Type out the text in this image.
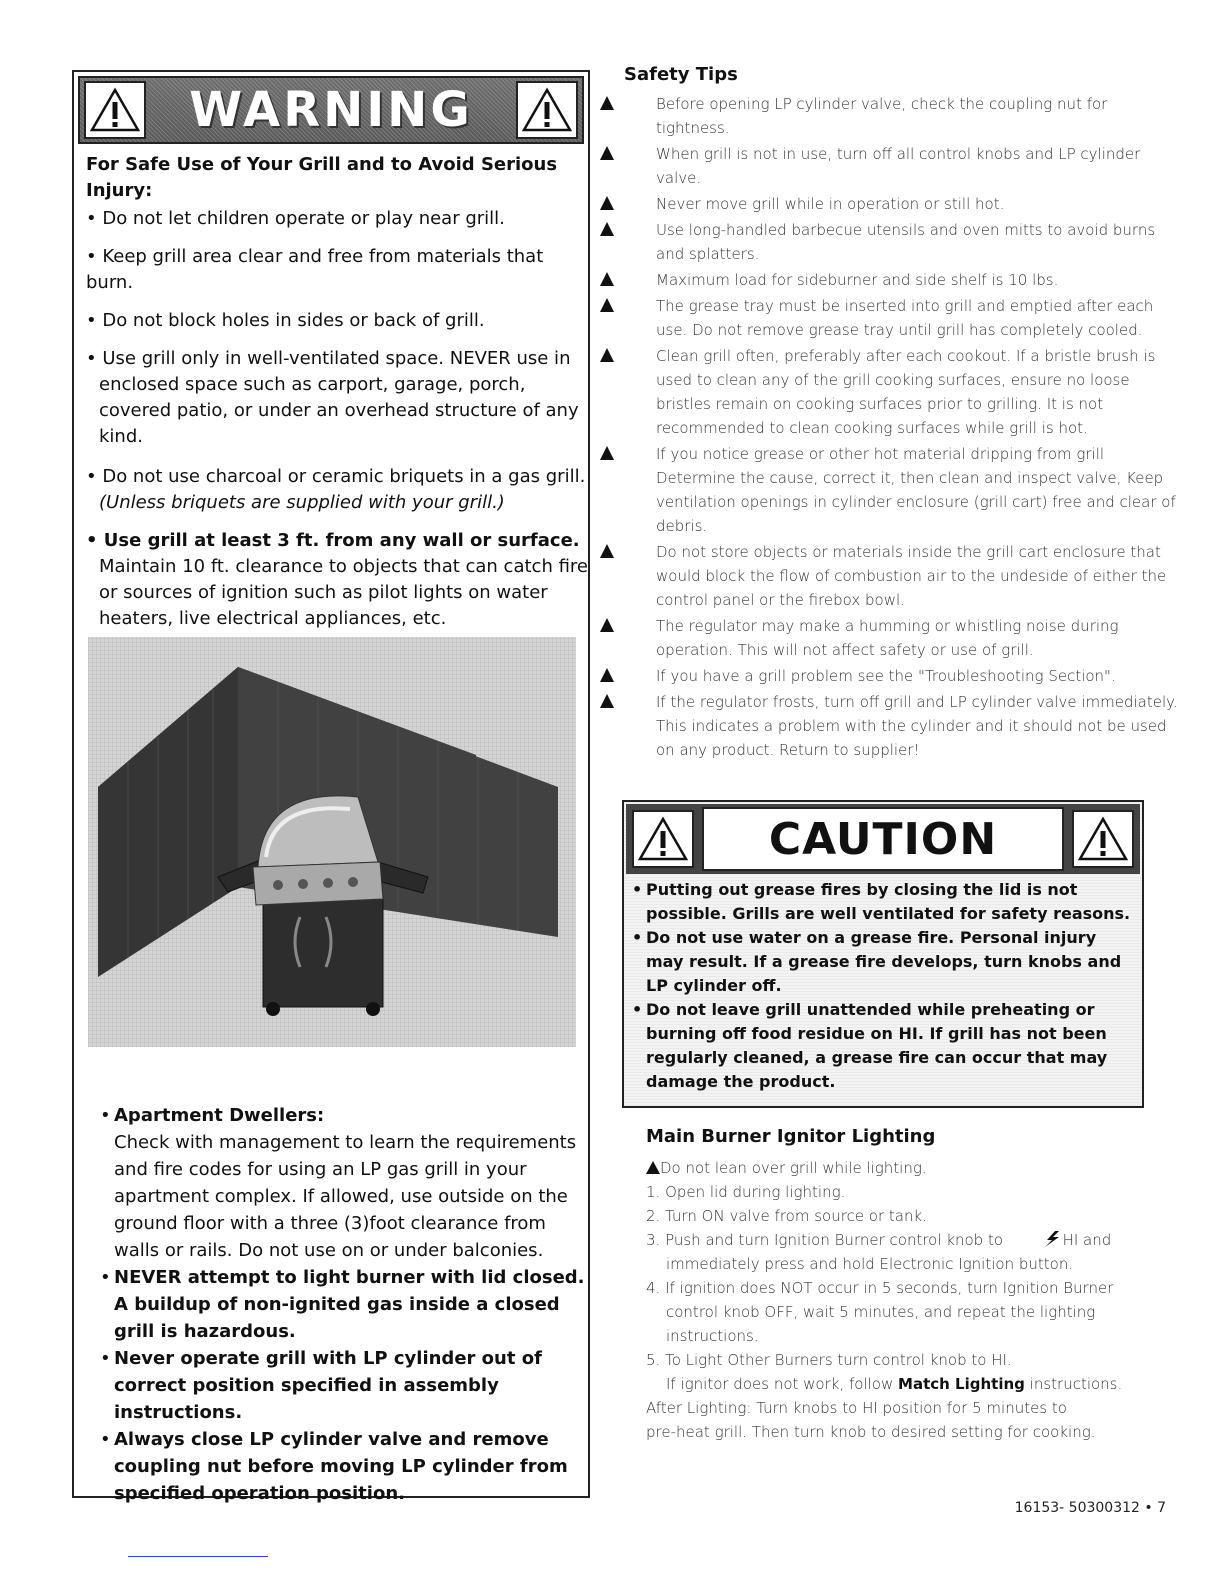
WARNING
For Safe Use of Your Grill and to Avoid Serious Injury:
• Do not let children operate or play near grill.
• Keep grill area clear and free from materials that burn.
• Do not block holes in sides or back of grill.
• Use grill only in well-ventilated space. NEVER use in enclosed space such as carport, garage, porch, covered patio, or under an overhead structure of any kind.
• Do not use charcoal or ceramic briquets in a gas grill. (Unless briquets are supplied with your grill.)
• Use grill at least 3 ft. from any wall or surface.
Maintain 10 ft. clearance to objects that can catch fire or sources of ignition such as pilot lights on water heaters, live electrical appliances, etc.
• Apartment Dwellers:
Check with management to learn the requirements and fire codes for using an LP gas grill in your apartment complex. If allowed, use outside on the ground floor with a three (3)foot clearance from walls or rails. Do not use on or under balconies.
• NEVER attempt to light burner with lid closed. A buildup of non-ignited gas inside a closed grill is hazardous.
• Never operate grill with LP cylinder out of correct position specified in assembly instructions.
• Always close LP cylinder valve and remove coupling nut before moving LP cylinder from specified operation position.
Safety Tips
Before opening LP cylinder valve, check the coupling nut for tightness.
When grill is not in use, turn off all control knobs and LP cylinder valve.
Never move grill while in operation or still hot.
Use long-handled barbecue utensils and oven mitts to avoid burns and splatters.
Maximum load for sideburner and side shelf is 10 lbs.
The grease tray must be inserted into grill and emptied after each use. Do not remove grease tray until grill has completely cooled.
Clean grill often, preferably after each cookout. If a bristle brush is used to clean any of the grill cooking surfaces, ensure no loose bristles remain on cooking surfaces prior to grilling. It is not recommended to clean cooking surfaces while grill is hot.
If you notice grease or other hot material dripping from grill Determine the cause, correct it, then clean and inspect valve, Keep ventilation openings in cylinder enclosure (grill cart) free and clear of debris.
Do not store objects or materials inside the grill cart enclosure that would block the flow of combustion air to the undeside of either the control panel or the firebox bowl.
The regulator may make a humming or whistling noise during operation. This will not affect safety or use of grill.
If you have a grill problem see the "Troubleshooting Section".
If the regulator frosts, turn off grill and LP cylinder valve immediately. This indicates a problem with the cylinder and it should not be used on any product. Return to supplier!
CAUTION
• Putting out grease fires by closing the lid is not possible. Grills are well ventilated for safety reasons.
• Do not use water on a grease fire. Personal injury may result. If a grease fire develops, turn knobs and LP cylinder off.
• Do not leave grill unattended while preheating or burning off food residue on HI. If grill has not been regularly cleaned, a grease fire can occur that may damage the product.
Main Burner Ignitor Lighting
Do not lean over grill while lighting.
1. Open lid during lighting.
2. Turn ON valve from source or tank.
3. Push and turn Ignition Burner control knob to	HI and
immediately press and hold Electronic Ignition button.
4. If ignition does NOT occur in 5 seconds, turn Ignition Burner
control knob OFF, wait 5 minutes, and repeat the lighting
instructions.
5. To Light Other Burners turn control knob to HI.
If ignitor does not work, follow Match Lighting instructions.
After Lighting: Turn knobs to HI position for 5 minutes to
pre-heat grill. Then turn knob to desired setting for cooking.
16153- 50300312 • 7
